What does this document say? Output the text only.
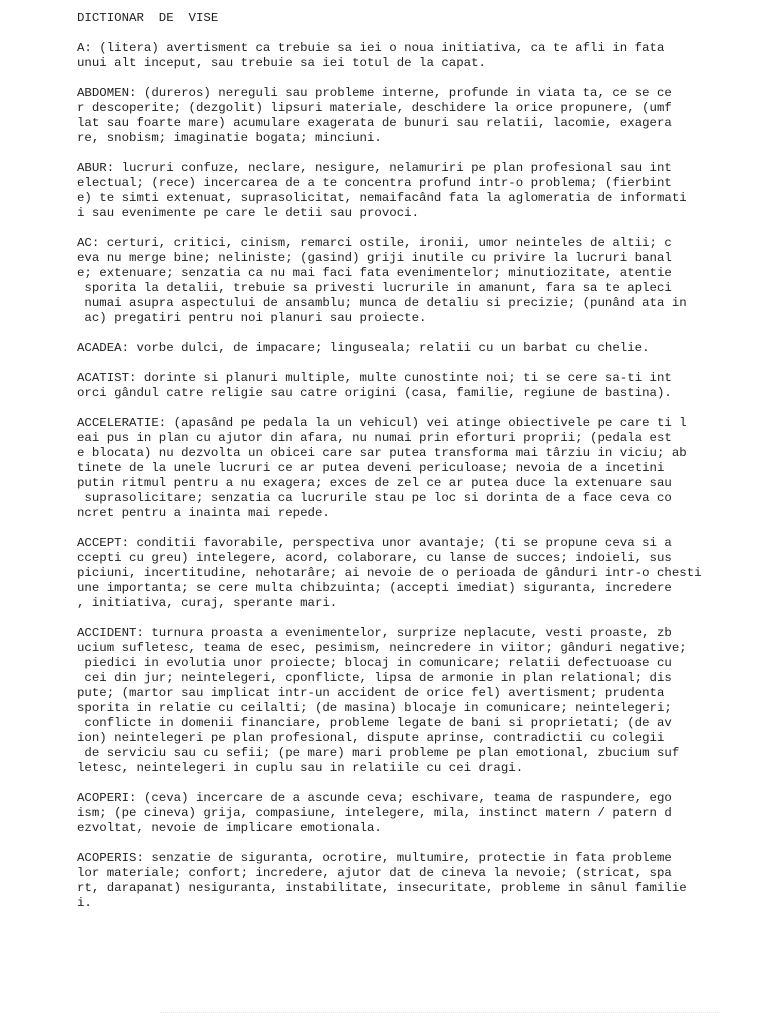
DICTIONAR  DE  VISE
A: (litera) avertisment ca trebuie sa iei o noua initiativa, ca te afli in fata
unui alt inceput, sau trebuie sa iei totul de la capat.
ABDOMEN: (dureros) nereguli sau probleme interne, profunde in viata ta, ce se ce
r descoperite; (dezgolit) lipsuri materiale, deschidere la orice propunere, (umf
lat sau foarte mare) acumulare exagerata de bunuri sau relatii, lacomie, exagera
re, snobism; imaginatie bogata; minciuni.
ABUR: lucruri confuze, neclare, nesigure, nelamuriri pe plan profesional sau int
electual; (rece) incercarea de a te concentra profund intr-o problema; (fierbint
e) te simti extenuat, suprasolicitat, nemaifacând fata la aglomeratia de informati
i sau evenimente pe care le detii sau provoci.
AC: certuri, critici, cinism, remarci ostile, ironii, umor neinteles de altii; c
eva nu merge bine; neliniste; (gasind) griji inutile cu privire la lucruri banal
e; extenuare; senzatia ca nu mai faci fata evenimentelor; minutiozitate, atentie
sporita la detalii, trebuie sa privesti lucrurile in amanunt, fara sa te apleci
numai asupra aspectului de ansamblu; munca de detaliu si precizie; (punând ata in
ac) pregatiri pentru noi planuri sau proiecte.
ACADEA: vorbe dulci, de impacare; linguseala; relatii cu un barbat cu chelie.
ACATIST: dorinte si planuri multiple, multe cunostinte noi; ti se cere sa-ti int
orci gândul catre religie sau catre origini (casa, familie, regiune de bastina).
ACCELERATIE: (apasând pe pedala la un vehicul) vei atinge obiectivele pe care ti l
eai pus in plan cu ajutor din afara, nu numai prin eforturi proprii; (pedala est
e blocata) nu dezvolta un obicei care sar putea transforma mai târziu in viciu; ab
tinete de la unele lucruri ce ar putea deveni periculoase; nevoia de a incetini
putin ritmul pentru a nu exagera; exces de zel ce ar putea duce la extenuare sau
suprasolicitare; senzatia ca lucrurile stau pe loc si dorinta de a face ceva co
ncret pentru a inainta mai repede.
ACCEPT: conditii favorabile, perspectiva unor avantaje; (ti se propune ceva si a
ccepti cu greu) intelegere, acord, colaborare, cu lanse de succes; indoieli, sus
piciuni, incertitudine, nehotarâre; ai nevoie de o perioada de gânduri intr-o chesti
une importanta; se cere multa chibzuinta; (accepti imediat) siguranta, incredere
, initiativa, curaj, sperante mari.
ACCIDENT: turnura proasta a evenimentelor, surprize neplacute, vesti proaste, zb
ucium sufletesc, teama de esec, pesimism, neincredere in viitor; gânduri negative;
piedici in evolutia unor proiecte; blocaj in comunicare; relatii defectuoase cu
cei din jur; neintelegeri, cponflicte, lipsa de armonie in plan relational; dis
pute; (martor sau implicat intr-un accident de orice fel) avertisment; prudenta
sporita in relatie cu ceilalti; (de masina) blocaje in comunicare; neintelegeri;
conflicte in domenii financiare, probleme legate de bani si proprietati; (de av
ion) neintelegeri pe plan profesional, dispute aprinse, contradictii cu colegii
de serviciu sau cu sefii; (pe mare) mari probleme pe plan emotional, zbucium suf
letesc, neintelegeri in cuplu sau in relatiile cu cei dragi.
ACOPERI: (ceva) incercare de a ascunde ceva; eschivare, teama de raspundere, ego
ism; (pe cineva) grija, compasiune, intelegere, mila, instinct matern / patern d
ezvoltat, nevoie de implicare emotionala.
ACOPERIS: senzatie de siguranta, ocrotire, multumire, protectie in fata probleme
lor materiale; confort; incredere, ajutor dat de cineva la nevoie; (stricat, spa
rt, darapanat) nesiguranta, instabilitate, insecuritate, probleme in sânul familie
i.
